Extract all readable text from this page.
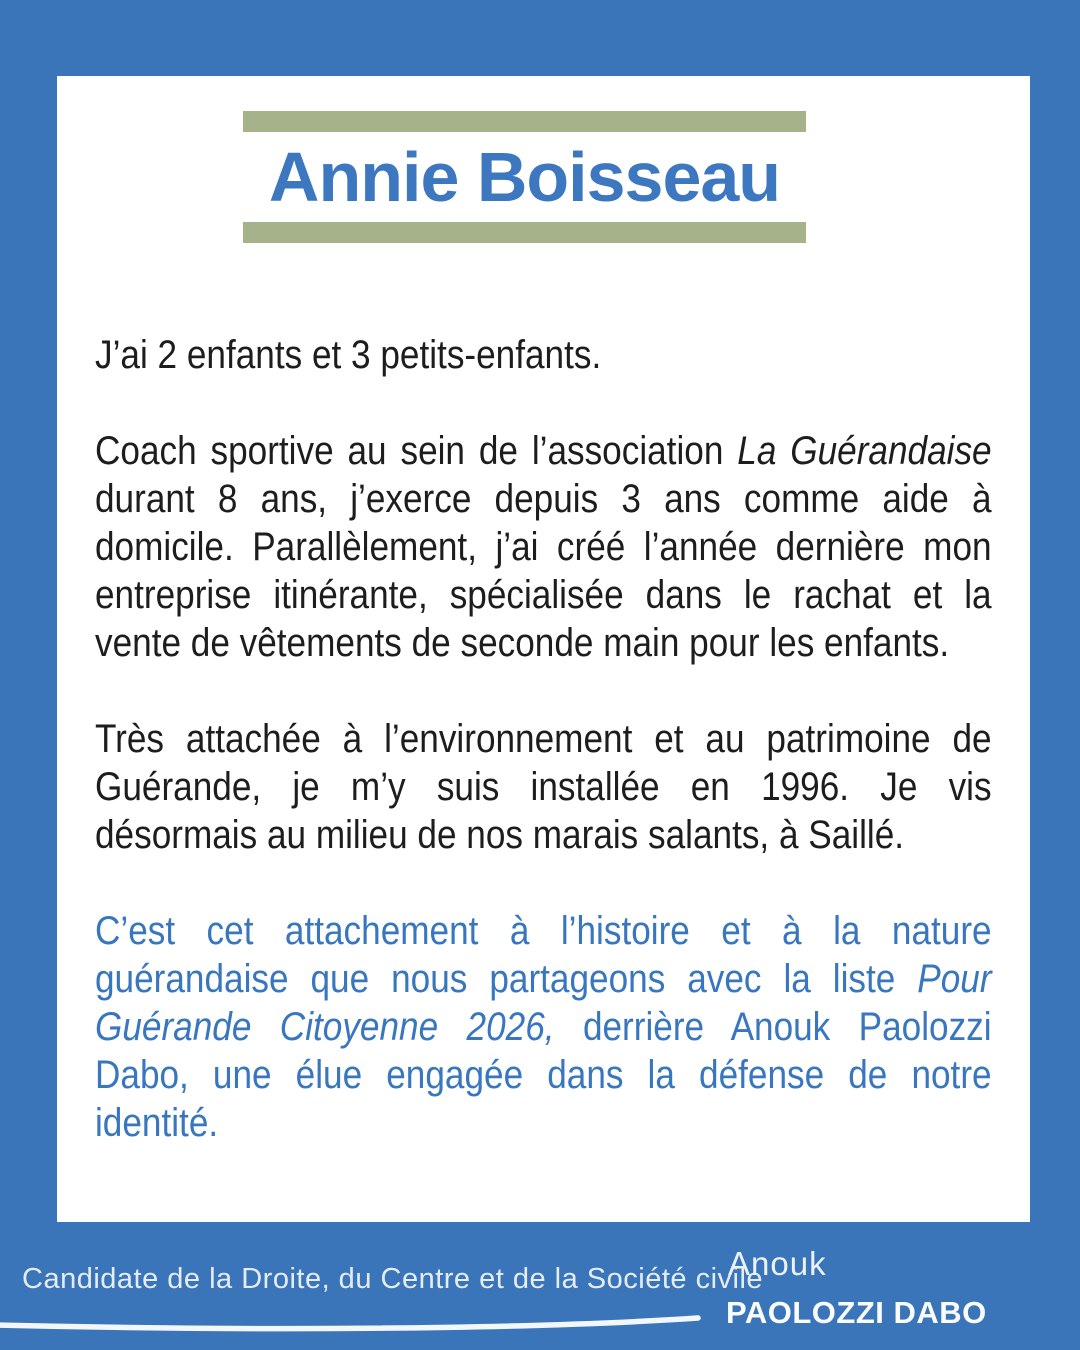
Annie Boisseau

J’ai 2 enfants et 3 petits-enfants.

Coach sportive au sein de l’association La Guérandaise durant 8 ans, j’exerce depuis 3 ans comme aide à domicile. Parallèlement, j’ai créé l’année dernière mon entreprise itinérante, spécialisée dans le rachat et la vente de vêtements de seconde main pour les enfants.

Très attachée à l’environnement et au patrimoine de Guérande, je m’y suis installée en 1996. Je vis désormais au milieu de nos marais salants, à Saillé.

C’est cet attachement à l’histoire et à la nature guérandaise que nous partageons avec la liste Pour Guérande Citoyenne 2026, derrière Anouk Paolozzi Dabo, une élue engagée dans la défense de notre identité.

Candidate de la Droite, du Centre et de la Société civile
Anouk
PAOLOZZI DABO
